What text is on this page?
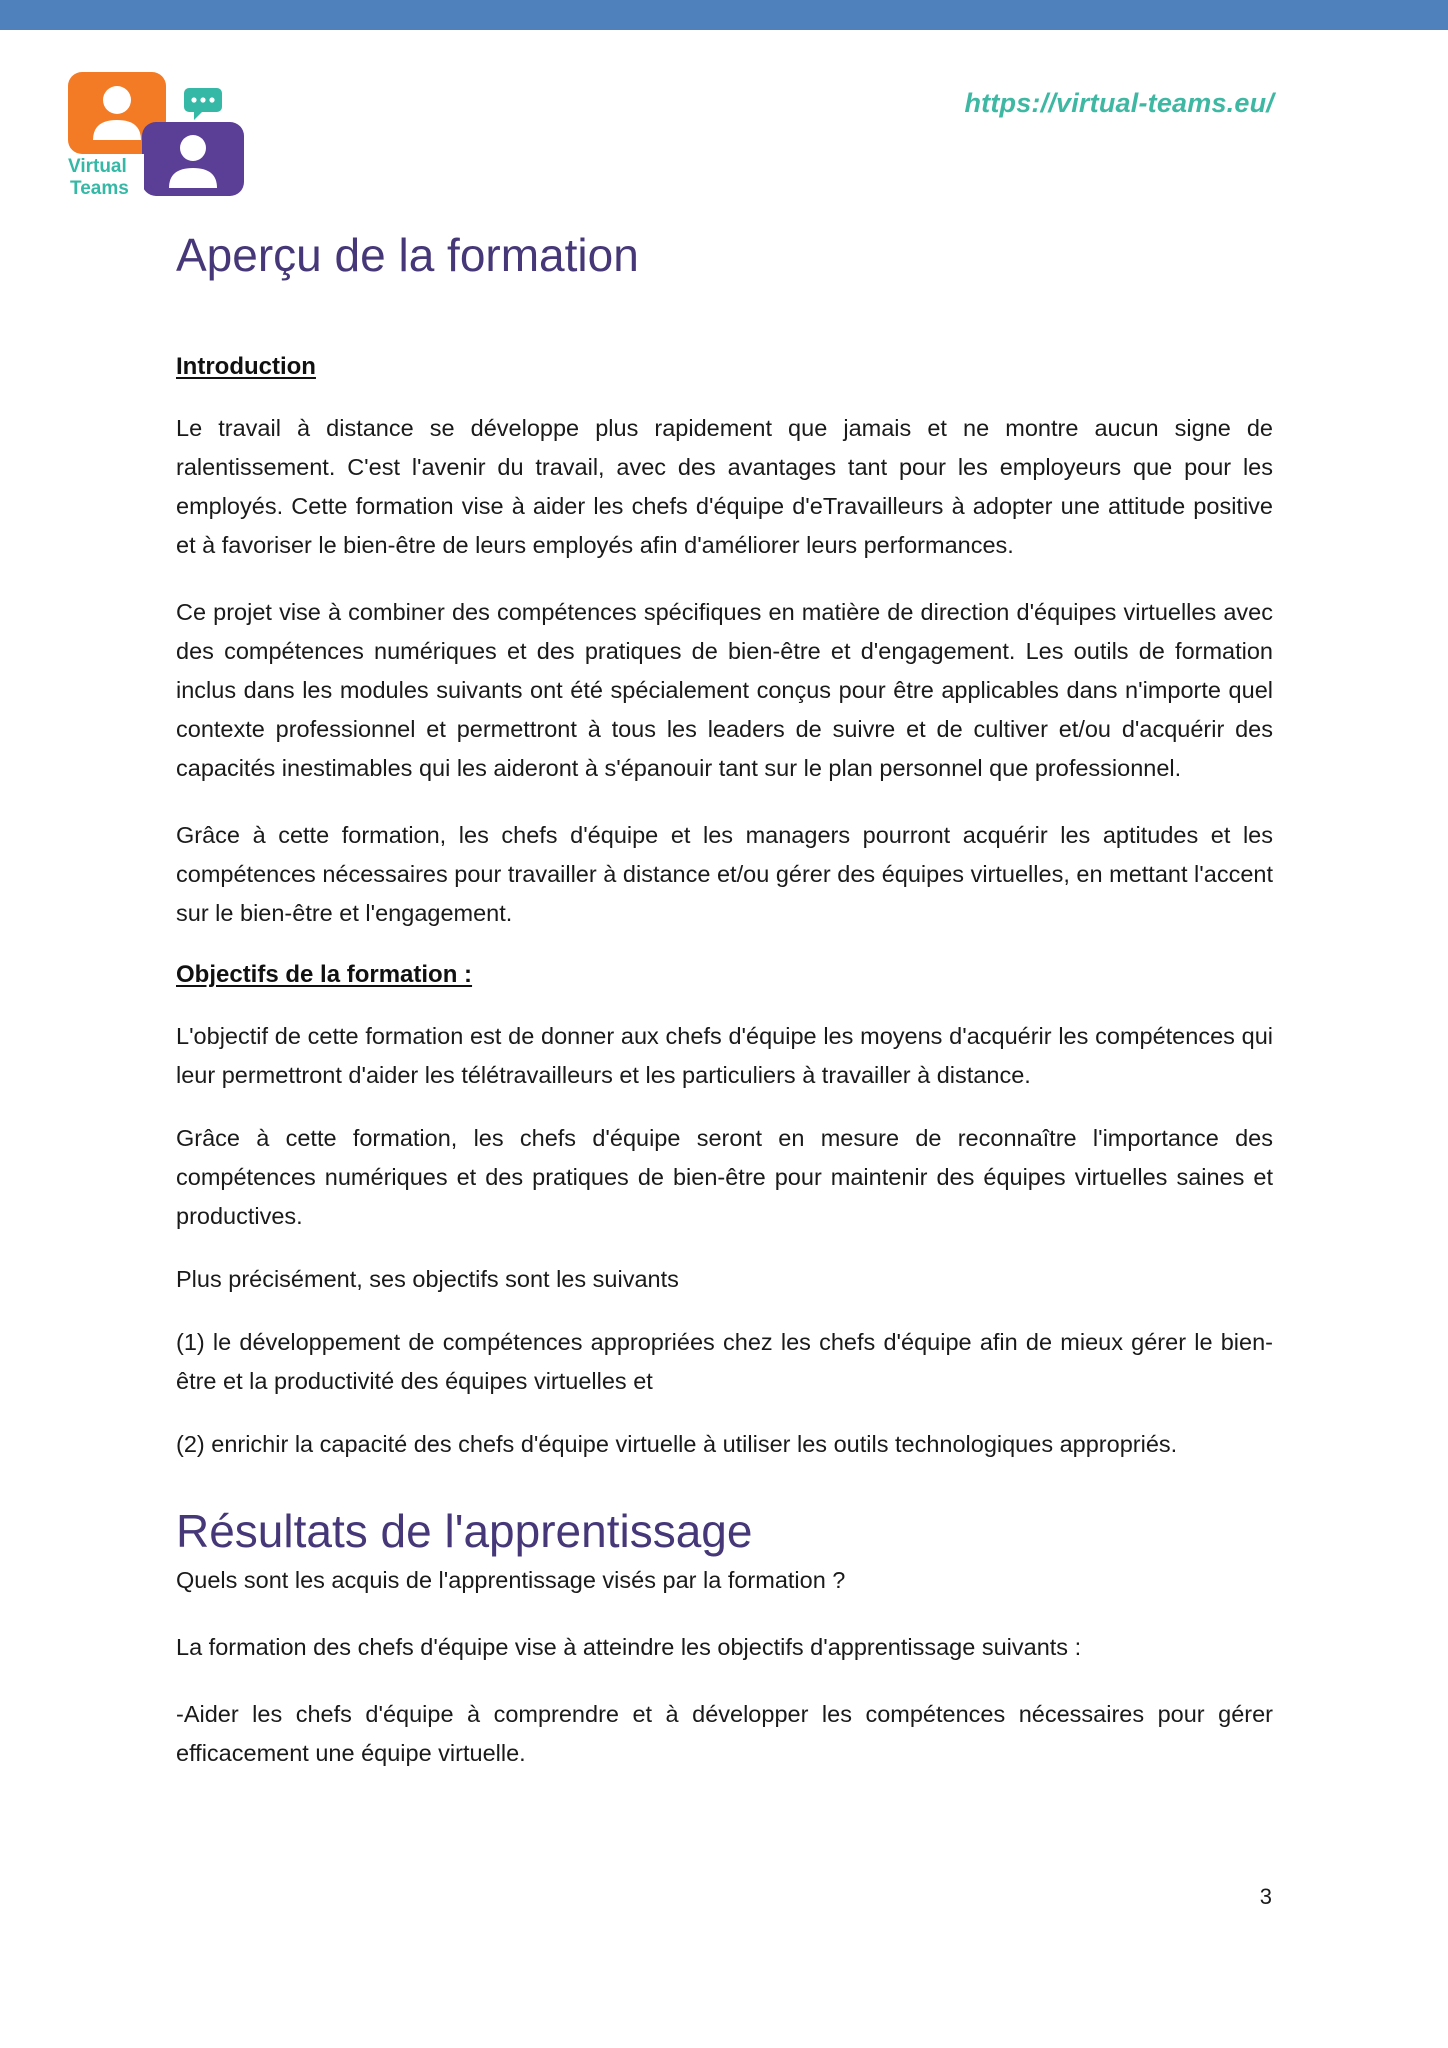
Virtual
Teams
https://virtual-teams.eu/
Aperçu de la formation
Introduction

Le travail à distance se développe plus rapidement que jamais et ne montre aucun signe de ralentissement. C'est l'avenir du travail, avec des avantages tant pour les employeurs que pour les employés. Cette formation vise à aider les chefs d'équipe d'eTravailleurs à adopter une attitude positive et à favoriser le bien-être de leurs employés afin d'améliorer leurs performances.

Ce projet vise à combiner des compétences spécifiques en matière de direction d'équipes virtuelles avec des compétences numériques et des pratiques de bien-être et d'engagement. Les outils de formation inclus dans les modules suivants ont été spécialement conçus pour être applicables dans n'importe quel contexte professionnel et permettront à tous les leaders de suivre et de cultiver et/ou d'acquérir des capacités inestimables qui les aideront à s'épanouir tant sur le plan personnel que professionnel.

Grâce à cette formation, les chefs d'équipe et les managers pourront acquérir les aptitudes et les compétences nécessaires pour travailler à distance et/ou gérer des équipes virtuelles, en mettant l'accent sur le bien-être et l'engagement.

Objectifs de la formation :

L'objectif de cette formation est de donner aux chefs d'équipe les moyens d'acquérir les compétences qui leur permettront d'aider les télétravailleurs et les particuliers à travailler à distance.

Grâce à cette formation, les chefs d'équipe seront en mesure de reconnaître l'importance des compétences numériques et des pratiques de bien-être pour maintenir des équipes virtuelles saines et productives.

Plus précisément, ses objectifs sont les suivants

(1) le développement de compétences appropriées chez les chefs d'équipe afin de mieux gérer le bien-être et la productivité des équipes virtuelles et

(2) enrichir la capacité des chefs d'équipe virtuelle à utiliser les outils technologiques appropriés.

Résultats de l'apprentissage

Quels sont les acquis de l'apprentissage visés par la formation ?

La formation des chefs d'équipe vise à atteindre les objectifs d'apprentissage suivants :

-Aider les chefs d'équipe à comprendre et à développer les compétences nécessaires pour gérer efficacement une équipe virtuelle.

3
